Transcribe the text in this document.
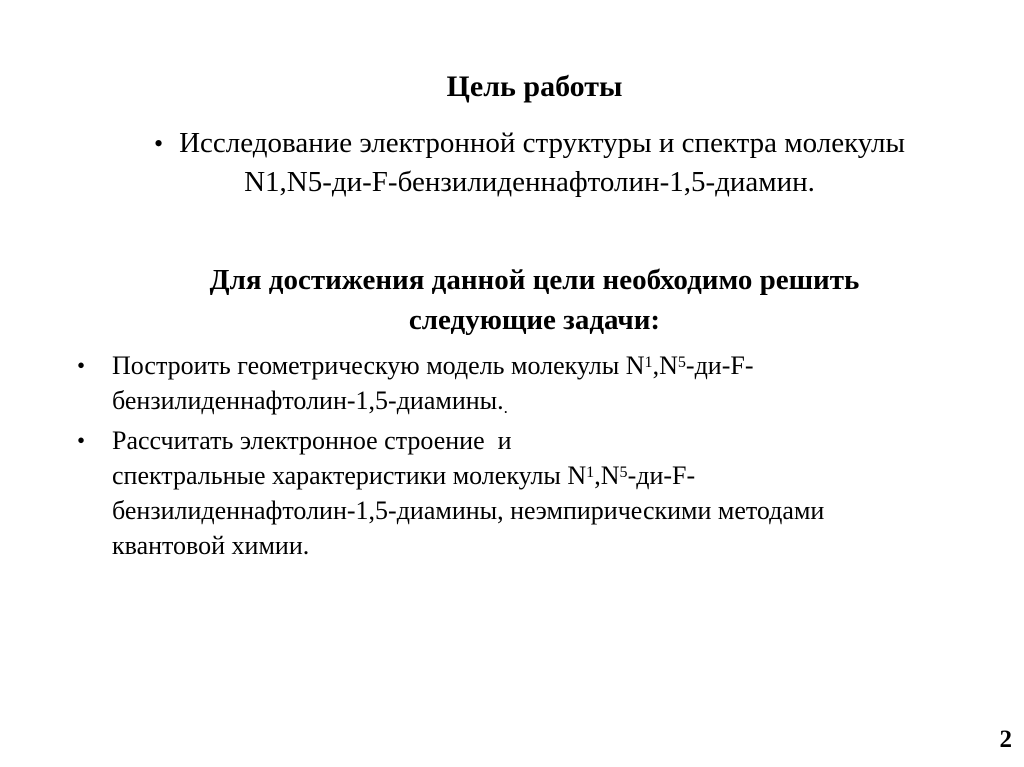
Цель работы
• Исследование электронной структуры и спектра молекулы
N1,N5-ди-F-бензилиденнафтолин-1,5-диамин.
Для достижения данной цели необходимо решить
следующие задачи:
• Построить геометрическую модель молекулы $N^1,N^5-ди-F-$
бензилиденнафтолин-$1,5-диамины._.$
• Рассчитать электронное строение  и
спектральные характеристики молекулы $N^1,N^5-ди-F-$
бензилиденнафтолин-1,5-диамины, неэмпирическими методами
квантовой химии.
2
